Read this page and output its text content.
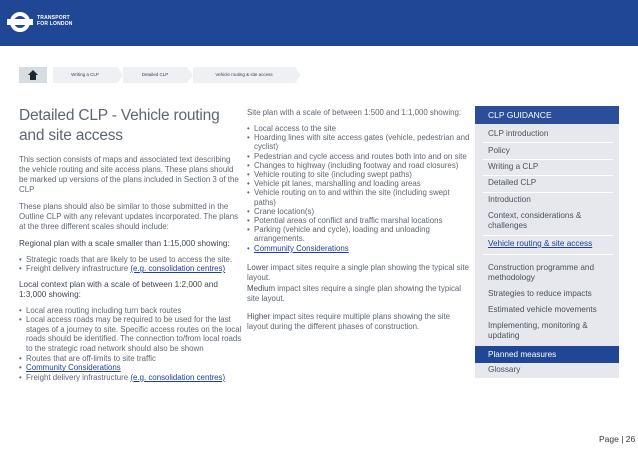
TRANSPORT
FOR LONDON
Writing a CLP	Detailed CLP	Vehicle routing & site access
Detailed CLP - Vehicle routing and site access
This section consists of maps and associated text describing the vehicle routing and site access plans. These plans should be marked up versions of the plans included in Section 3 of the CLP
These plans should also be similar to those submitted in the Outline CLP with any relevant updates incorporated. The plans at the three different scales should include:
Regional plan with a scale smaller than 1:15,000 showing:
• Strategic roads that are likely to be used to access the site.
• Freight delivery infrastructure (e.g. consolidation centres)
Local context plan with a scale of between 1:2,000 and 1:3,000 showing:
• Local area routing including turn back routes
• Local access roads may be required to be used for the last stages of a journey to site. Specific access routes on the local roads should be identified. The connection to/from local roads to the strategic road network should also be shown
• Routes that are off-limits to site traffic
• Community Considerations
• Freight delivery infrastructure (e.g. consolidation centres)
Site plan with a scale of between 1:500 and 1:1,000 showing:
• Local access to the site
• Hoarding lines with site access gates (vehicle, pedestrian and cyclist)
• Pedestrian and cycle access and routes both into and on site
• Changes to highway (including footway and road closures)
• Vehicle routing to site (including swept paths)
• Vehicle pit lanes, marshalling and loading areas
• Vehicle routing on to and within the site (including swept paths)
• Crane location(s)
• Potential areas of conflict and traffic marshal locations
• Parking (vehicle and cycle), loading and unloading arrangements.
• Community Considerations
Lower impact sites require a single plan showing the typical site layout.
Medium impact sites require a single plan showing the typical site layout.
Higher impact sites require multiple plans showing the site layout during the different phases of construction.
CLP GUIDANCE
CLP introduction
Policy
Writing a CLP
Detailed CLP
Introduction
Context, considerations & challenges
Vehicle routing & site access
Construction programme and methodology
Strategies to reduce impacts
Estimated vehicle movements
Implementing, monitoring & updating
Planned measures
Glossary
Page | 26
